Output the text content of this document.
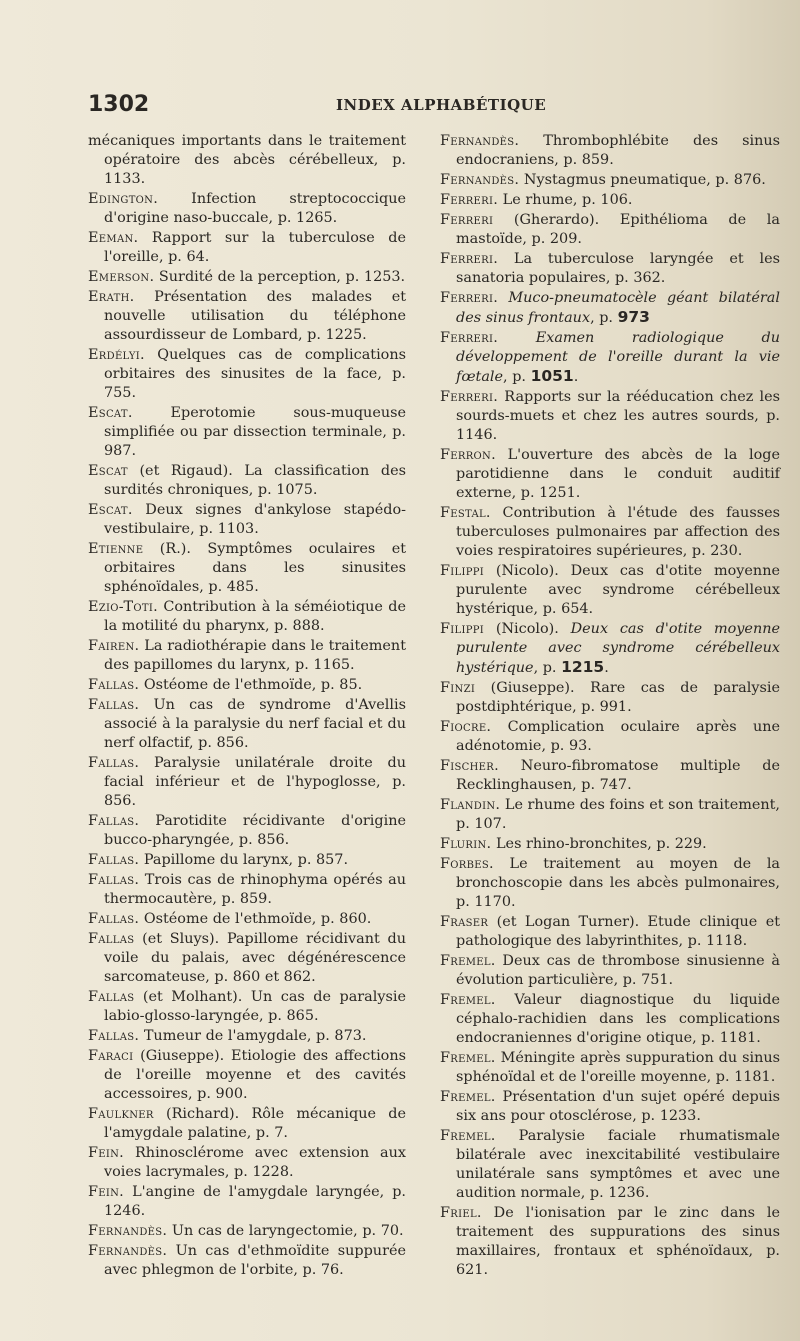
1302	INDEX ALPHABÉTIQUE

mécaniques importants dans le traitement opératoire des abcès cérébelleux, p. 1133.

Edington. Infection streptococcique d'origine naso-buccale, p. 1265.

Eeman. Rapport sur la tuberculose de l'oreille, p. 64.

Emerson. Surdité de la perception, p. 1253.

Erath. Présentation des malades et nouvelle utilisation du téléphone assourdisseur de Lombard, p. 1225.

Erdélyi. Quelques cas de complications orbitaires des sinusites de la face, p. 755.

Escat. Eperotomie sous-muqueuse simplifiée ou par dissection terminale, p. 987.

Escat (et Rigaud). La classification des surdités chroniques, p. 1075.

Escat. Deux signes d'ankylose stapédo-vestibulaire, p. 1103.

Etienne (R.). Symptômes oculaires et orbitaires dans les sinusites sphénoïdales, p. 485.

Ezio-Toti. Contribution à la séméiotique de la motilité du pharynx, p. 888.

Fairen. La radiothérapie dans le traitement des papillomes du larynx, p. 1165.

Fallas. Ostéome de l'ethmoïde, p. 85.

Fallas. Un cas de syndrome d'Avellis associé à la paralysie du nerf facial et du nerf olfactif, p. 856.

Fallas. Paralysie unilatérale droite du facial inférieur et de l'hypoglosse, p. 856.

Fallas. Parotidite récidivante d'origine bucco-pharyngée, p. 856.

Fallas. Papillome du larynx, p. 857.

Fallas. Trois cas de rhinophyma opérés au thermocautère, p. 859.

Fallas. Ostéome de l'ethmoïde, p. 860.

Fallas (et Sluys). Papillome récidivant du voile du palais, avec dégénérescence sarcomateuse, p. 860 et 862.

Fallas (et Molhant). Un cas de paralysie labio-glosso-laryngée, p. 865.

Fallas. Tumeur de l'amygdale, p. 873.

Faraci (Giuseppe). Etiologie des affections de l'oreille moyenne et des cavités accessoires, p. 900.

Faulkner (Richard). Rôle mécanique de l'amygdale palatine, p. 7.

Fein. Rhinosclérome avec extension aux voies lacrymales, p. 1228.

Fein. L'angine de l'amygdale laryngée, p. 1246.

Fernandès. Un cas de laryngectomie, p. 70.

Fernandès. Un cas d'ethmoïdite suppurée avec phlegmon de l'orbite, p. 76.

Fernandès. Thrombophlébite des sinus endocraniens, p. 859.

Fernandès. Nystagmus pneumatique, p. 876.

Ferreri. Le rhume, p. 106.

Ferreri (Gherardo). Epithélioma de la mastoïde, p. 209.

Ferreri. La tuberculose laryngée et les sanatoria populaires, p. 362.

Ferreri. Muco-pneumatocèle géant bilatéral des sinus frontaux, p. 973

Ferreri. Examen radiologique du développement de l'oreille durant la vie fœtale, p. 1051.

Ferreri. Rapports sur la rééducation chez les sourds-muets et chez les autres sourds, p. 1146.

Ferron. L'ouverture des abcès de la loge parotidienne dans le conduit auditif externe, p. 1251.

Festal. Contribution à l'étude des fausses tuberculoses pulmonaires par affection des voies respiratoires supérieures, p. 230.

Filippi (Nicolo). Deux cas d'otite moyenne purulente avec syndrome cérébelleux hystérique, p. 654.

Filippi (Nicolo). Deux cas d'otite moyenne purulente avec syndrome cérébelleux hystérique, p. 1215.

Finzi (Giuseppe). Rare cas de paralysie postdiphtérique, p. 991.

Fiocre. Complication oculaire après une adénotomie, p. 93.

Fischer. Neuro-fibromatose multiple de Recklinghausen, p. 747.

Flandin. Le rhume des foins et son traitement, p. 107.

Flurin. Les rhino-bronchites, p. 229.

Forbes. Le traitement au moyen de la bronchoscopie dans les abcès pulmonaires, p. 1170.

Fraser (et Logan Turner). Etude clinique et pathologique des labyrinthites, p. 1118.

Fremel. Deux cas de thrombose sinusienne à évolution particulière, p. 751.

Fremel. Valeur diagnostique du liquide céphalo-rachidien dans les complications endocraniennes d'origine otique, p. 1181.

Fremel. Méningite après suppuration du sinus sphénoïdal et de l'oreille moyenne, p. 1181.

Fremel. Présentation d'un sujet opéré depuis six ans pour otosclérose, p. 1233.

Fremel. Paralysie faciale rhumatismale bilatérale avec inexcitabilité vestibulaire unilatérale sans symptômes et avec une audition normale, p. 1236.

Friel. De l'ionisation par le zinc dans le traitement des suppurations des sinus maxillaires, frontaux et sphénoïdaux, p. 621.
